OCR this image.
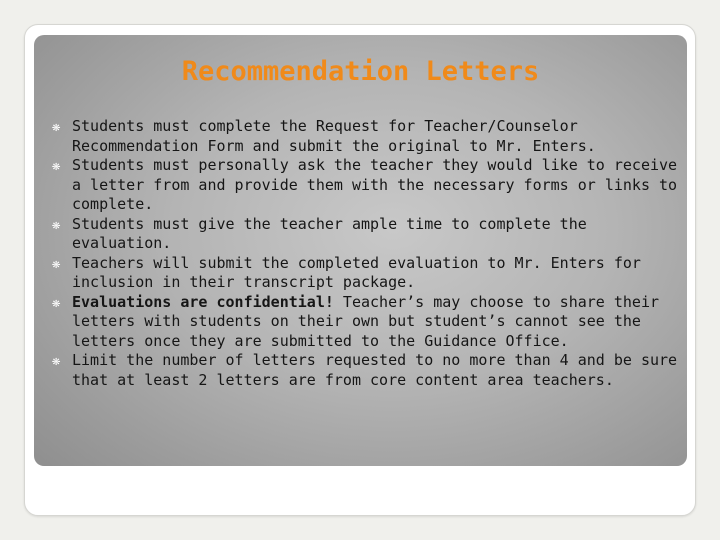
Recommendation Letters
❋ Students must complete the Request for Teacher/Counselor Recommendation Form and submit the original to Mr. Enters.
❋ Students must personally ask the teacher they would like to receive a letter from and provide them with the necessary forms or links to complete.
❋ Students must give the teacher ample time to complete the evaluation.
❋ Teachers will submit the completed evaluation to Mr. Enters for inclusion in their transcript package.
❋ Evaluations are confidential! Teacher’s may choose to share their letters with students on their own but student’s cannot see the letters once they are submitted to the Guidance Office.
❋ Limit the number of letters requested to no more than 4 and be sure that at least 2 letters are from core content area teachers.
